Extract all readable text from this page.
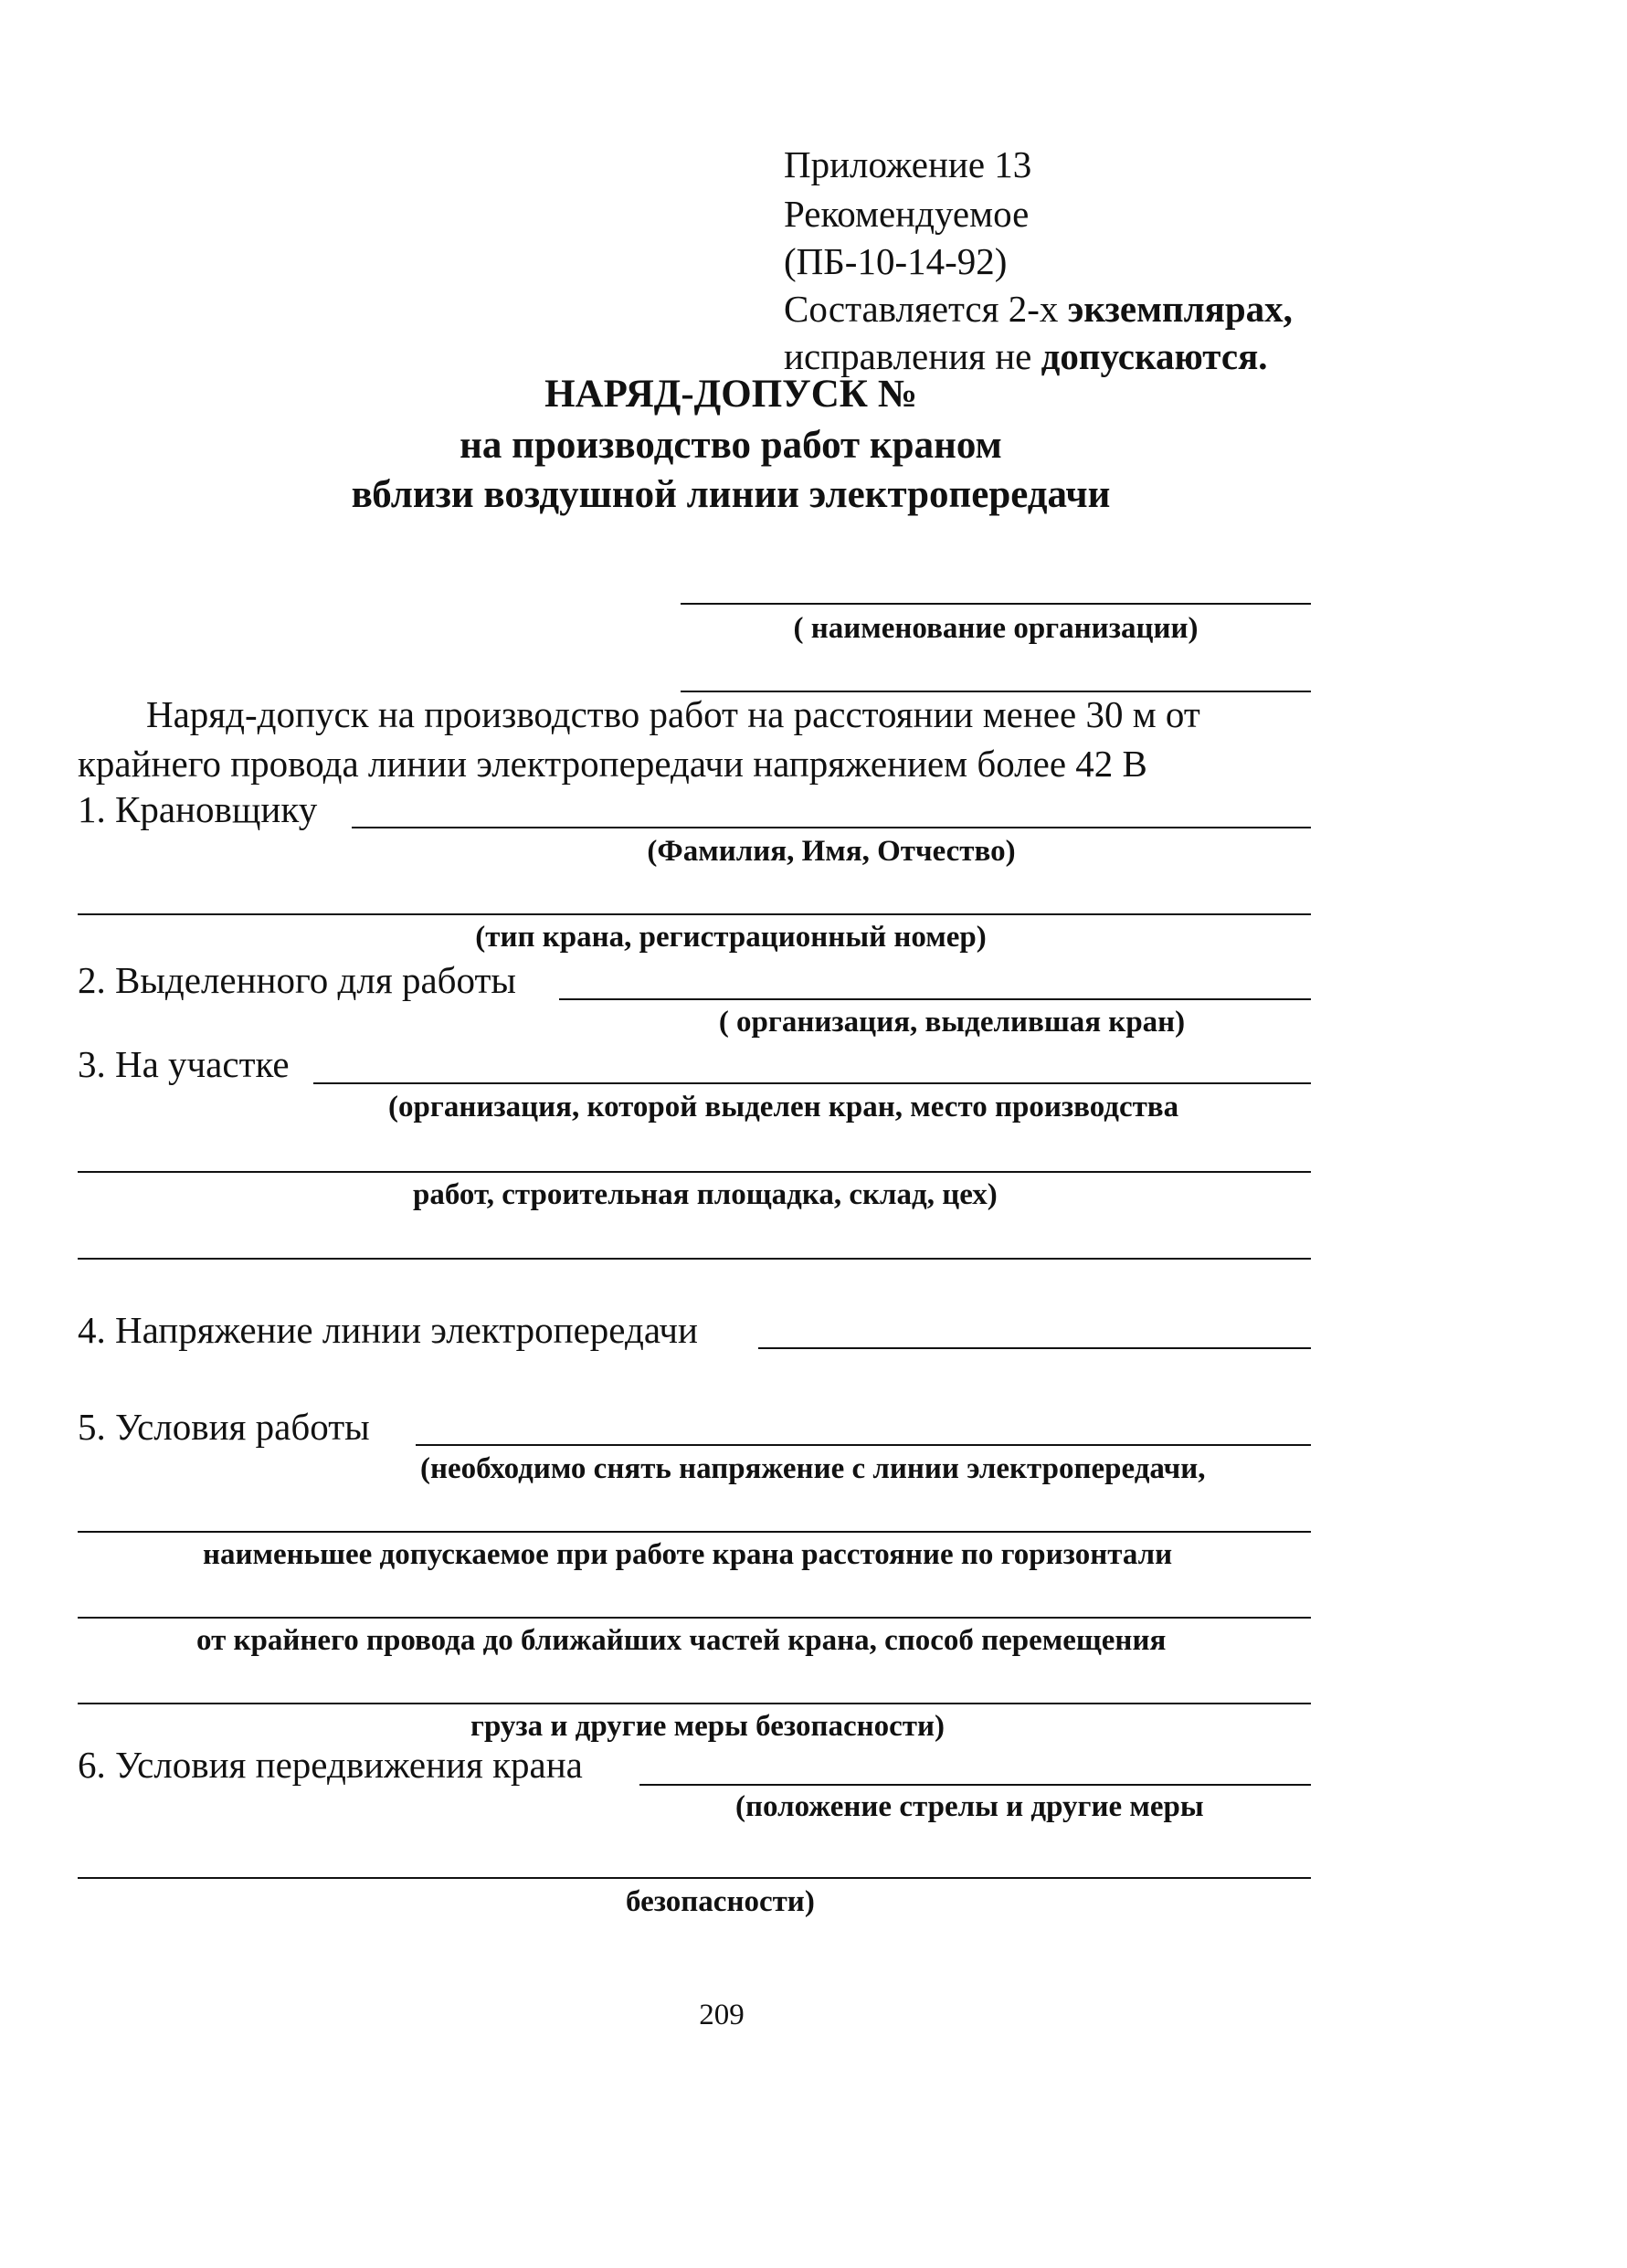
Приложение 13
Рекомендуемое
(ПБ-10-14-92)
Составляется 2-х экземплярах,
исправления не допускаются.
НАРЯД-ДОПУСК №
на производство работ краном
вблизи воздушной линии электропередачи
( наименование организации)
Наряд-допуск на производство работ на расстоянии менее 30 м от
крайнего провода линии электропередачи напряжением более 42 В
1. Крановщику
(Фамилия, Имя, Отчество)
(тип крана, регистрационный номер)
2. Выделенного для работы
( организация, выделившая кран)
3. На участке
(организация, которой выделен кран, место производства
работ, строительная площадка, склад, цех)
4. Напряжение линии электропередачи
5. Условия работы
(необходимо снять напряжение с линии электропередачи,
наименьшее допускаемое при работе крана расстояние по горизонтали
от крайнего провода до ближайших частей крана, способ перемещения
груза и другие меры безопасности)
6. Условия передвижения крана
(положение стрелы и другие меры
безопасности)
209
